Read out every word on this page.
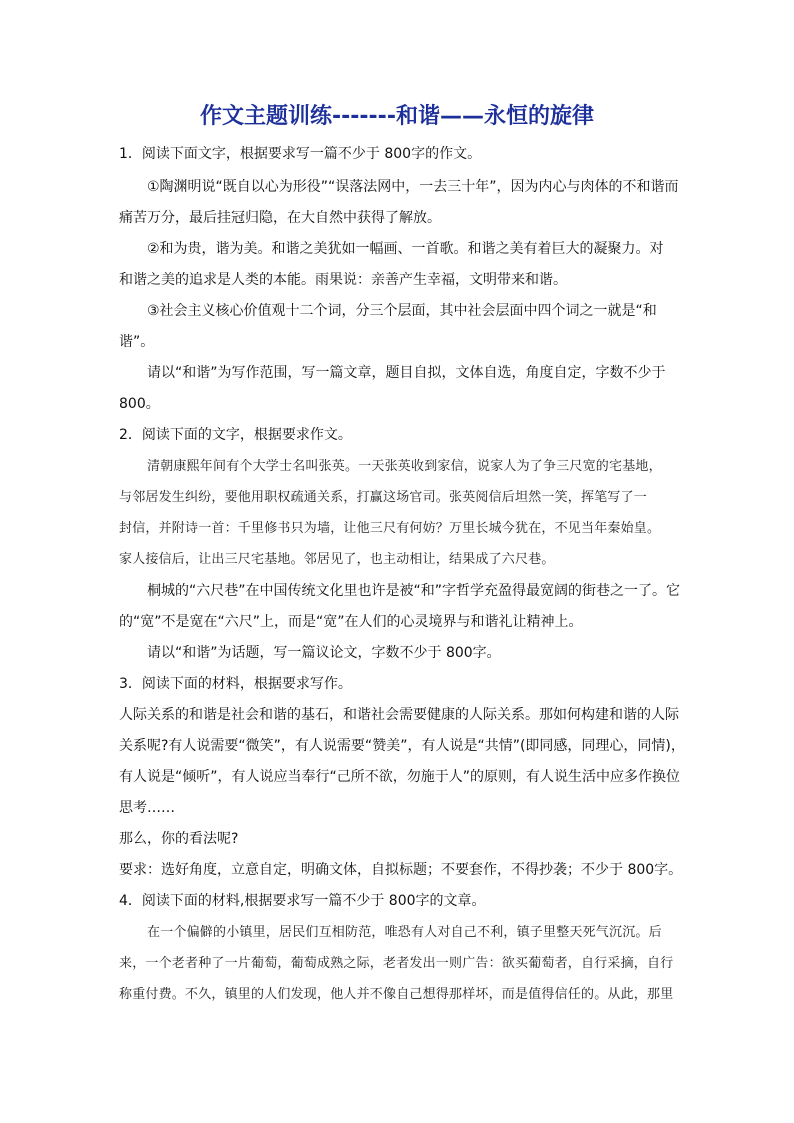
作文主题训练-------和谐——永恒的旋律
1．阅读下面文字，根据要求写一篇不少于 800字的作文。
①陶渊明说“既自以心为形役”“误落法网中，一去三十年”，因为内心与肉体的不和谐而
痛苦万分，最后挂冠归隐，在大自然中获得了解放。
②和为贵，谐为美。和谐之美犹如一幅画、一首歌。和谐之美有着巨大的凝聚力。对
和谐之美的追求是人类的本能。雨果说：亲善产生幸福，文明带来和谐。
③社会主义核心价值观十二个词，分三个层面，其中社会层面中四个词之一就是“和
谐”。
请以“和谐”为写作范围，写一篇文章，题目自拟，文体自选，角度自定，字数不少于
800。
2．阅读下面的文字，根据要求作文。
清朝康熙年间有个大学士名叫张英。一天张英收到家信，说家人为了争三尺宽的宅基地，
与邻居发生纠纷，要他用职权疏通关系，打赢这场官司。张英阅信后坦然一笑，挥笔写了一
封信，并附诗一首：千里修书只为墙，让他三尺有何妨？万里长城今犹在，不见当年秦始皇。
家人接信后，让出三尺宅基地。邻居见了，也主动相让，结果成了六尺巷。
桐城的“六尺巷”在中国传统文化里也许是被“和”字哲学充盈得最宽阔的街巷之一了。它
的“宽”不是宽在“六尺”上，而是“宽”在人们的心灵境界与和谐礼让精神上。
请以“和谐”为话题，写一篇议论文，字数不少于 800字。
3．阅读下面的材料，根据要求写作。
人际关系的和谐是社会和谐的基石，和谐社会需要健康的人际关系。那如何构建和谐的人际
关系呢?有人说需要“微笑”，有人说需要“赞美”，有人说是“共情”(即同感，同理心，同情)，
有人说是“倾听”，有人说应当奉行“己所不欲，勿施于人”的原则，有人说生活中应多作换位
思考……
那么，你的看法呢?
要求：选好角度，立意自定，明确文体，自拟标题；不要套作，不得抄袭；不少于 800字。
4．阅读下面的材料,根据要求写一篇不少于 800字的文章。
在一个偏僻的小镇里，居民们互相防范，唯恐有人对自己不利，镇子里整天死气沉沉。后
来，一个老者种了一片葡萄，葡萄成熟之际，老者发出一则广告：欲买葡萄者，自行采摘，自行
称重付费。不久，镇里的人们发现，他人并不像自己想得那样坏，而是值得信任的。从此，那里
